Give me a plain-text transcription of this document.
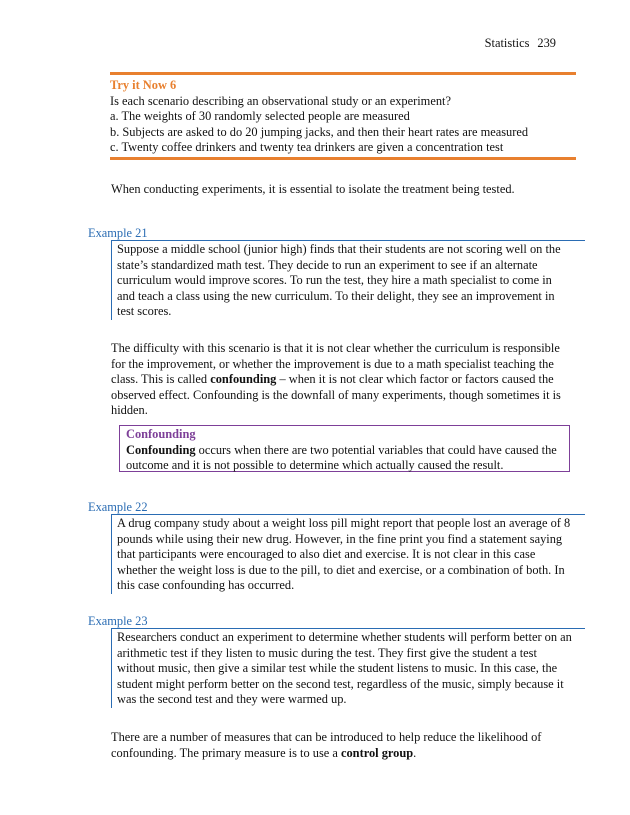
Statistics 239
Try it Now 6
Is each scenario describing an observational study or an experiment?
a. The weights of 30 randomly selected people are measured
b. Subjects are asked to do 20 jumping jacks, and then their heart rates are measured
c. Twenty coffee drinkers and twenty tea drinkers are given a concentration test
When conducting experiments, it is essential to isolate the treatment being tested.
Example 21
Suppose a middle school (junior high) finds that their students are not scoring well on the state’s standardized math test. They decide to run an experiment to see if an alternate curriculum would improve scores. To run the test, they hire a math specialist to come in and teach a class using the new curriculum. To their delight, they see an improvement in test scores.
The difficulty with this scenario is that it is not clear whether the curriculum is responsible for the improvement, or whether the improvement is due to a math specialist teaching the class. This is called confounding – when it is not clear which factor or factors caused the observed effect. Confounding is the downfall of many experiments, though sometimes it is hidden.
Confounding
Confounding occurs when there are two potential variables that could have caused the outcome and it is not possible to determine which actually caused the result.
Example 22
A drug company study about a weight loss pill might report that people lost an average of 8 pounds while using their new drug. However, in the fine print you find a statement saying that participants were encouraged to also diet and exercise. It is not clear in this case whether the weight loss is due to the pill, to diet and exercise, or a combination of both. In this case confounding has occurred.
Example 23
Researchers conduct an experiment to determine whether students will perform better on an arithmetic test if they listen to music during the test. They first give the student a test without music, then give a similar test while the student listens to music. In this case, the student might perform better on the second test, regardless of the music, simply because it was the second test and they were warmed up.
There are a number of measures that can be introduced to help reduce the likelihood of confounding. The primary measure is to use a control group.
